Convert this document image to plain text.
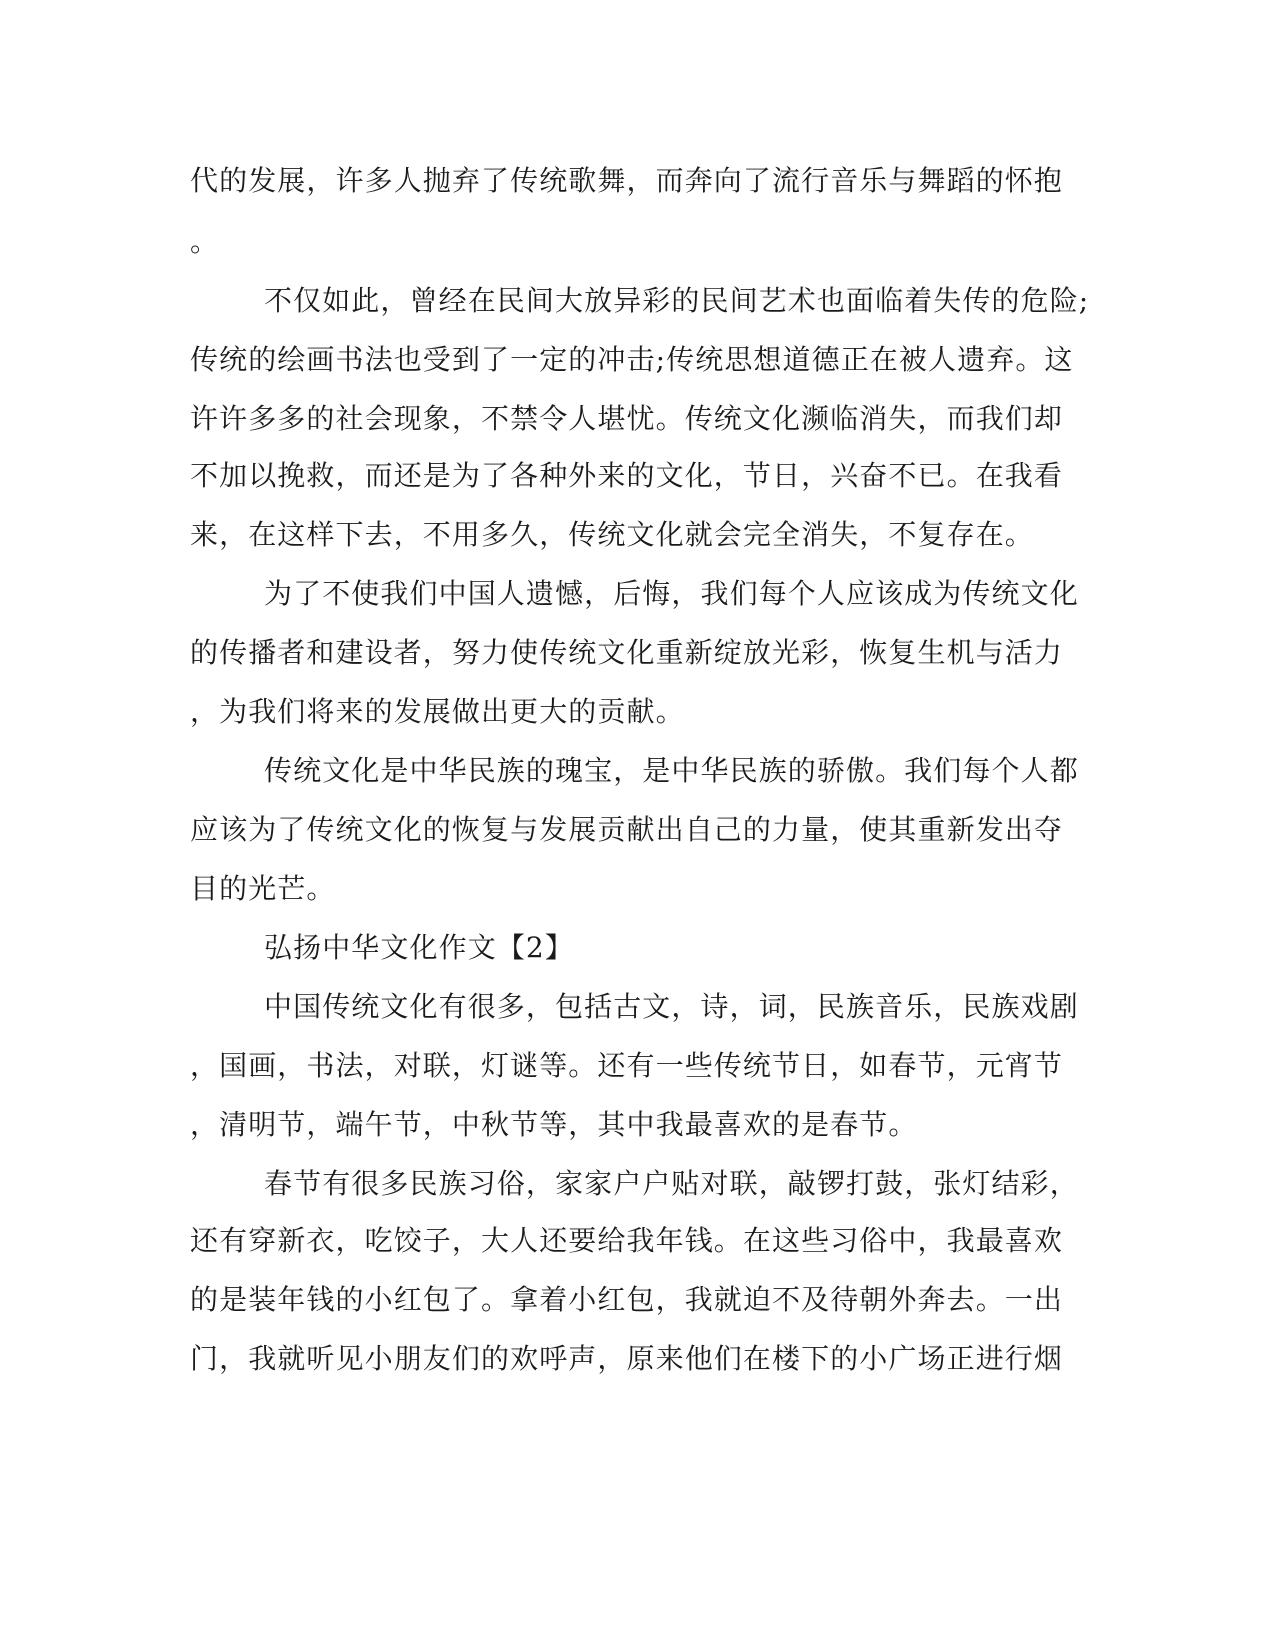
代的发展，许多人抛弃了传统歌舞，而奔向了流行音乐与舞蹈的怀抱
。
不仅如此，曾经在民间大放异彩的民间艺术也面临着失传的危险;
传统的绘画书法也受到了一定的冲击;传统思想道德正在被人遗弃。这
许许多多的社会现象，不禁令人堪忧。传统文化濒临消失，而我们却
不加以挽救，而还是为了各种外来的文化，节日，兴奋不已。在我看
来，在这样下去，不用多久，传统文化就会完全消失，不复存在。
为了不使我们中国人遗憾，后悔，我们每个人应该成为传统文化
的传播者和建设者，努力使传统文化重新绽放光彩，恢复生机与活力
，为我们将来的发展做出更大的贡献。
传统文化是中华民族的瑰宝，是中华民族的骄傲。我们每个人都
应该为了传统文化的恢复与发展贡献出自己的力量，使其重新发出夺
目的光芒。
弘扬中华文化作文【2】
中国传统文化有很多，包括古文，诗，词，民族音乐，民族戏剧
，国画，书法，对联，灯谜等。还有一些传统节日，如春节，元宵节
，清明节，端午节，中秋节等，其中我最喜欢的是春节。
春节有很多民族习俗，家家户户贴对联，敲锣打鼓，张灯结彩，
还有穿新衣，吃饺子，大人还要给我年钱。在这些习俗中，我最喜欢
的是装年钱的小红包了。拿着小红包，我就迫不及待朝外奔去。一出
门，我就听见小朋友们的欢呼声，原来他们在楼下的小广场正进行烟
